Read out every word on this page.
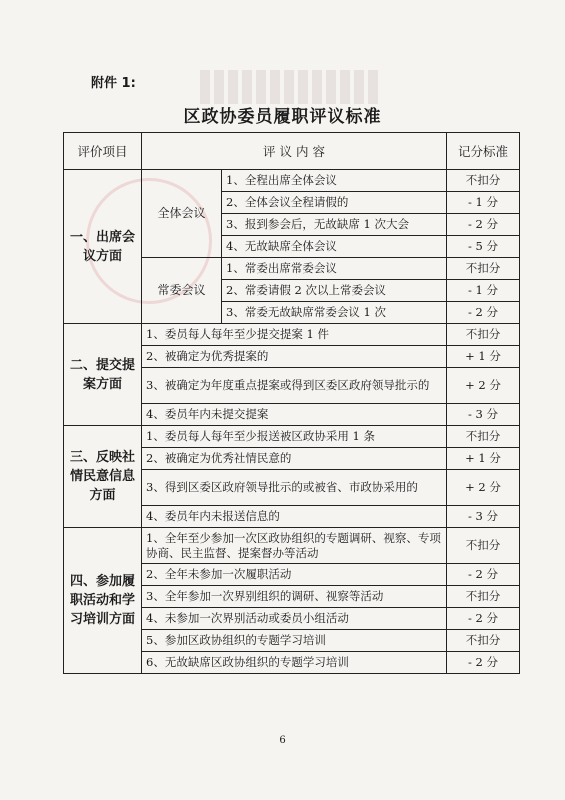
附件 1:
区政协委员履职评议标准
评价项目	评 议 内 容		记分标准
一、出席会议方面	全体会议	1、全程出席全体会议	不扣分
		2、全体会议全程请假的	- 1 分
		3、报到参会后，无故缺席 1 次大会	- 2 分
		4、无故缺席全体会议	- 5 分
	常委会议	1、常委出席常委会议	不扣分
		2、常委请假 2 次以上常委会议	- 1 分
		3、常委无故缺席常委会议 1 次	- 2 分
二、提交提案方面	1、委员每人每年至少提交提案 1 件		不扣分
	2、被确定为优秀提案的		+ 1 分
	3、被确定为年度重点提案或得到区委区政府领导批示的		+ 2 分
	4、委员年内未提交提案		- 3 分
三、反映社情民意信息方面	1、委员每人每年至少报送被区政协采用 1 条		不扣分
	2、被确定为优秀社情民意的		+ 1 分
	3、得到区委区政府领导批示的或被省、市政协采用的		+ 2 分
	4、委员年内未报送信息的		- 3 分
四、参加履职活动和学习培训方面	1、全年至少参加一次区政协组织的专题调研、视察、专项协商、民主监督、提案督办等活动		不扣分
	2、全年未参加一次履职活动		- 2 分
	3、全年参加一次界别组织的调研、视察等活动		不扣分
	4、未参加一次界别活动或委员小组活动		- 2 分
	5、参加区政协组织的专题学习培训		不扣分
	6、无故缺席区政协组织的专题学习培训		- 2 分
6
